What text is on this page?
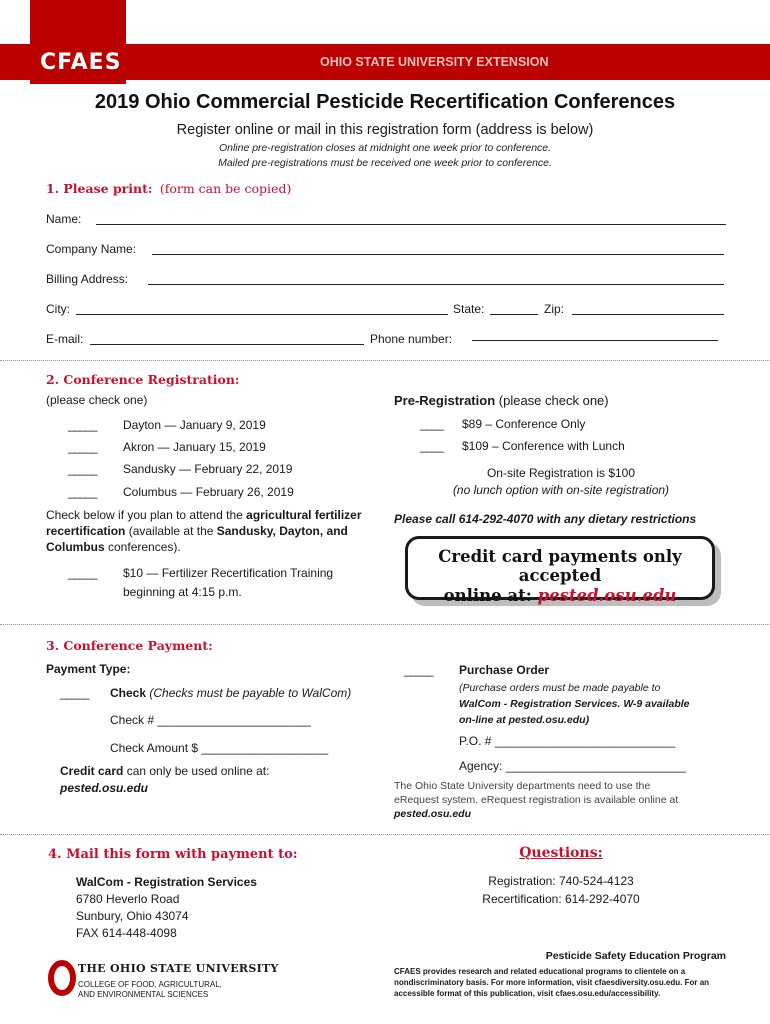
CFAES	OHIO STATE UNIVERSITY EXTENSION
2019 Ohio Commercial Pesticide Recertification Conferences
Register online or mail in this registration form (address is below)
Online pre-registration closes at midnight one week prior to conference.
Mailed pre-registrations must be received one week prior to conference.
1. Please print: (form can be copied)
Name:
Company Name:
Billing Address:
City:	State:	Zip:
E-mail:	Phone number:
2. Conference Registration:
(please check one)
_____ Dayton — January 9, 2019
_____ Akron — January 15, 2019
_____ Sandusky — February 22, 2019
_____ Columbus — February 26, 2019
Check below if you plan to attend the agricultural fertilizer recertification (available at the Sandusky, Dayton, and Columbus conferences).
_____ $10 — Fertilizer Recertification Training
beginning at 4:15 p.m.
Pre-Registration (please check one)
____ $89 – Conference Only
____ $109 – Conference with Lunch
On-site Registration is $100
(no lunch option with on-site registration)
Please call 614-292-4070 with any dietary restrictions
Credit card payments only accepted
online at: pested.osu.edu
3. Conference Payment:
Payment Type:
_____ Check (Checks must be payable to WalCom)
Check # _______________________
Check Amount $ ___________________
Credit card can only be used online at:
pested.osu.edu
_____ Purchase Order
(Purchase orders must be made payable to
WalCom - Registration Services. W-9 available
on-line at pested.osu.edu)
P.O. # ___________________________
Agency: ___________________________
The Ohio State University departments need to use the
eRequest system. eRequest registration is available online at
pested.osu.edu
4. Mail this form with payment to:
WalCom - Registration Services
6780 Heverlo Road
Sunbury, Ohio 43074
FAX 614-448-4098
Questions:
Registration: 740-524-4123
Recertification: 614-292-4070
THE OHIO STATE UNIVERSITY
COLLEGE OF FOOD, AGRICULTURAL,
AND ENVIRONMENTAL SCIENCES
Pesticide Safety Education Program
CFAES provides research and related educational programs to clientele on a
nondiscriminatory basis. For more information, visit cfaesdiversity.osu.edu. For an
accessible format of this publication, visit cfaes.osu.edu/accessibility.
